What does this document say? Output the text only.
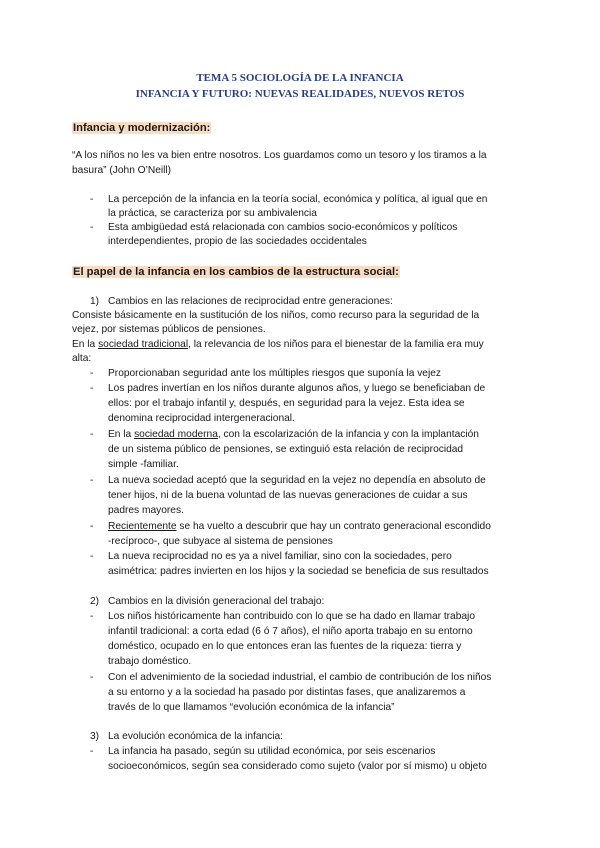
TEMA 5 SOCIOLOGÍA DE LA INFANCIA
INFANCIA Y FUTURO: NUEVAS REALIDADES, NUEVOS RETOS
Infancia y modernización:
“A los niños no les va bien entre nosotros. Los guardamos como un tesoro y los tiramos a la
basura” (John O’Neill)
- La percepción de la infancia en la teoría social, económica y política, al igual que en
la práctica, se caracteriza por su ambivalencia
- Esta ambigüedad está relacionada con cambios socio-económicos y políticos
interdependientes, propio de las sociedades occidentales
El papel de la infancia en los cambios de la estructura social:
1) Cambios en las relaciones de reciprocidad entre generaciones:
Consiste básicamente en la sustitución de los niños, como recurso para la seguridad de la
vejez, por sistemas públicos de pensiones.
En la sociedad tradicional, la relevancia de los niños para el bienestar de la familia era muy
alta:
- Proporcionaban seguridad ante los múltiples riesgos que suponía la vejez
- Los padres invertían en los niños durante algunos años, y luego se beneficiaban de
ellos: por el trabajo infantil y, después, en seguridad para la vejez. Esta idea se
denomina reciprocidad intergeneracional.
- En la sociedad moderna, con la escolarización de la infancia y con la implantación
de un sistema público de pensiones, se extinguió esta relación de reciprocidad
simple -familiar.
- La nueva sociedad aceptó que la seguridad en la vejez no dependía en absoluto de
tener hijos, ni de la buena voluntad de las nuevas generaciones de cuidar a sus
padres mayores.
- Recientemente se ha vuelto a descubrir que hay un contrato generacional escondido
-recíproco-, que subyace al sistema de pensiones
- La nueva reciprocidad no es ya a nivel familiar, sino con la sociedades, pero
asimétrica: padres invierten en los hijos y la sociedad se beneficia de sus resultados
2) Cambios en la división generacional del trabajo:
- Los niños históricamente han contribuido con lo que se ha dado en llamar trabajo
infantil tradicional: a corta edad (6 ó 7 años), el niño aporta trabajo en su entorno
doméstico, ocupado en lo que entonces eran las fuentes de la riqueza: tierra y
trabajo doméstico.
- Con el advenimiento de la sociedad industrial, el cambio de contribución de los niños
a su entorno y a la sociedad ha pasado por distintas fases, que analizaremos a
través de lo que llamamos “evolución económica de la infancia”
3) La evolución económica de la infancia:
- La infancia ha pasado, según su utilidad económica, por seis escenarios
socioeconómicos, según sea considerado como sujeto (valor por sí mismo) u objeto
